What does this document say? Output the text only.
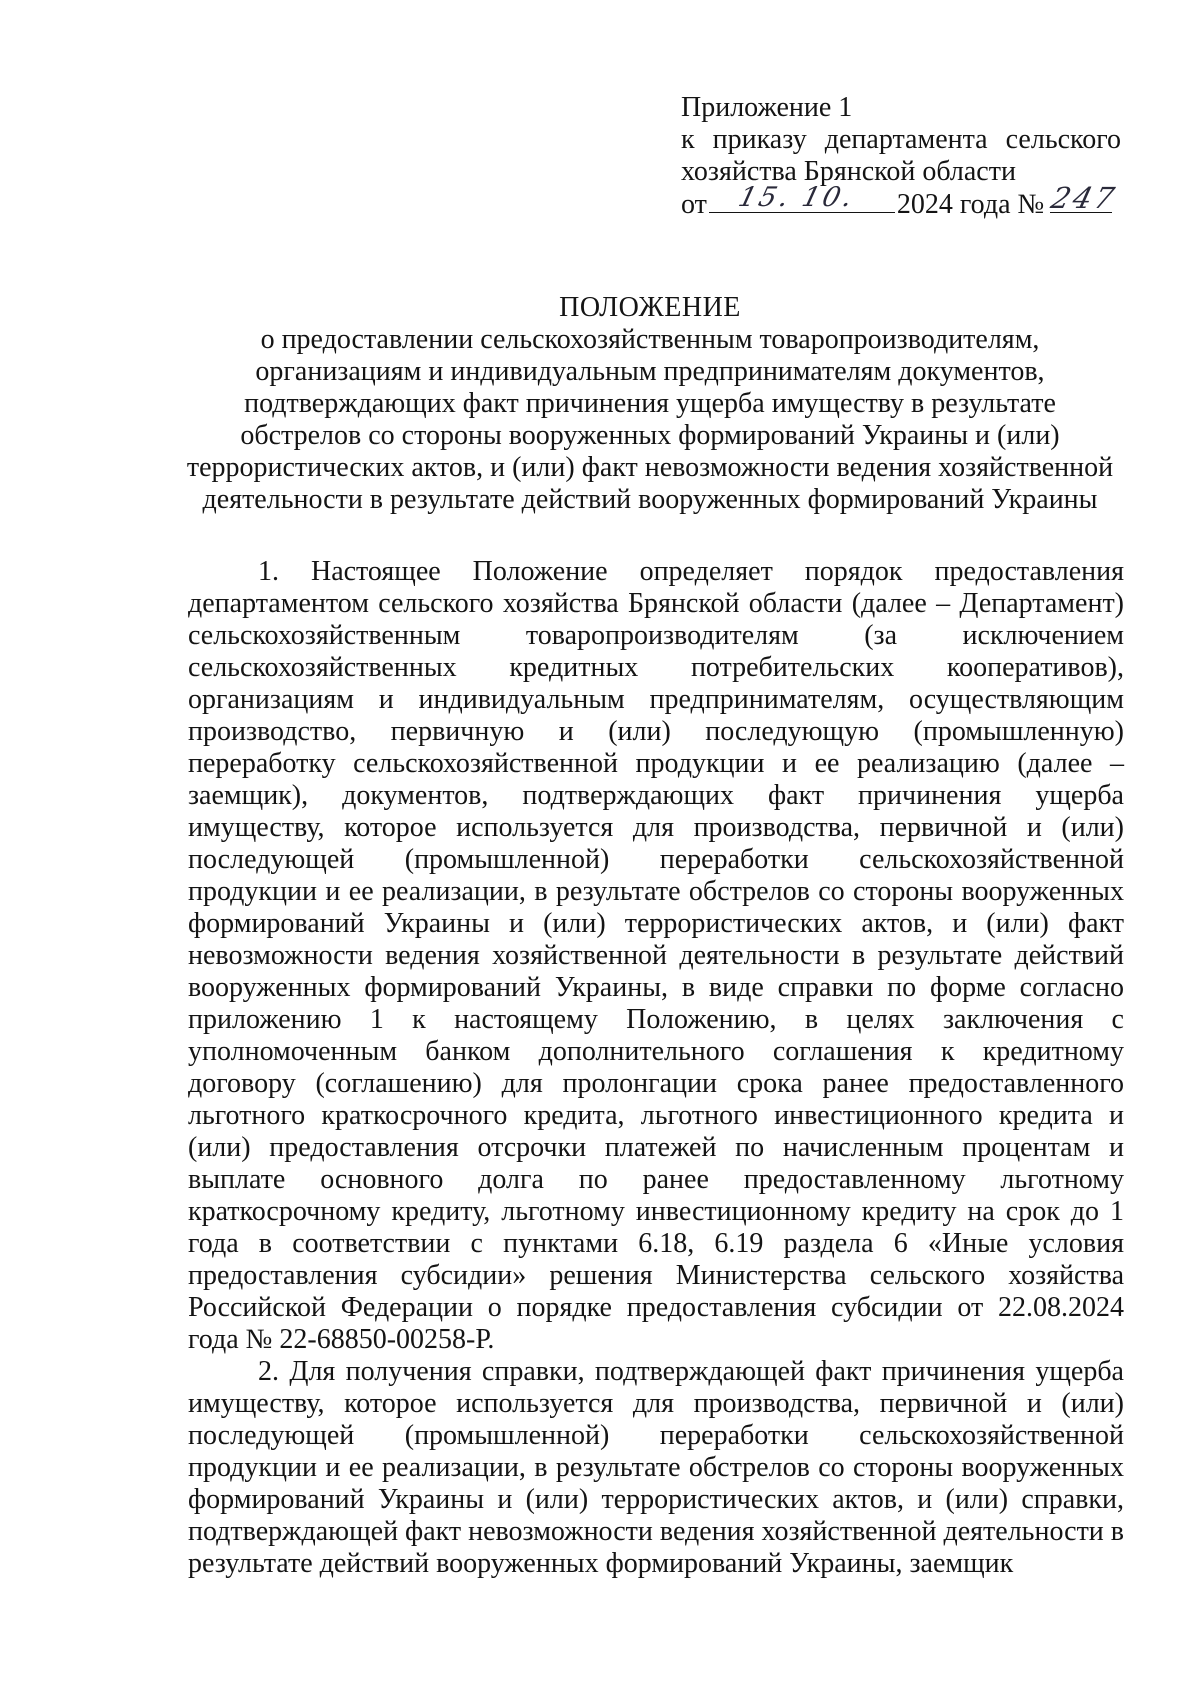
Приложение 1
к приказу департамента сельского
хозяйства Брянской области
от 15. 10. 2024 года № 247
ПОЛОЖЕНИЕ
о предоставлении сельскохозяйственным товаропроизводителям,
организациям и индивидуальным предпринимателям документов,
подтверждающих факт причинения ущерба имуществу в результате
обстрелов со стороны вооруженных формирований Украины и (или)
террористических актов, и (или) факт невозможности ведения хозяйственной
деятельности в результате действий вооруженных формирований Украины

1. Настоящее Положение определяет порядок предоставления департаментом сельского хозяйства Брянской области (далее – Департамент) сельскохозяйственным товаропроизводителям (за исключением сельскохозяйственных кредитных потребительских кооперативов), организациям и индивидуальным предпринимателям, осуществляющим производство, первичную и (или) последующую (промышленную) переработку сельскохозяйственной продукции и ее реализацию (далее – заемщик), документов, подтверждающих факт причинения ущерба имуществу, которое используется для производства, первичной и (или) последующей (промышленной) переработки сельскохозяйственной продукции и ее реализации, в результате обстрелов со стороны вооруженных формирований Украины и (или) террористических актов, и (или) факт невозможности ведения хозяйственной деятельности в результате действий вооруженных формирований Украины, в виде справки по форме согласно приложению 1 к настоящему Положению, в целях заключения с уполномоченным банком дополнительного соглашения к кредитному договору (соглашению) для пролонгации срока ранее предоставленного льготного краткосрочного кредита, льготного инвестиционного кредита и (или) предоставления отсрочки платежей по начисленным процентам и выплате основного долга по ранее предоставленному льготному краткосрочному кредиту, льготному инвестиционному кредиту на срок до 1 года в соответствии с пунктами 6.18, 6.19 раздела 6 «Иные условия предоставления субсидии» решения Министерства сельского хозяйства Российской Федерации о порядке предоставления субсидии от 22.08.2024 года № 22-68850-00258-Р.

2. Для получения справки, подтверждающей факт причинения ущерба имуществу, которое используется для производства, первичной и (или) последующей (промышленной) переработки сельскохозяйственной продукции и ее реализации, в результате обстрелов со стороны вооруженных формирований Украины и (или) террористических актов, и (или) справки, подтверждающей факт невозможности ведения хозяйственной деятельности в результате действий вооруженных формирований Украины, заемщик
